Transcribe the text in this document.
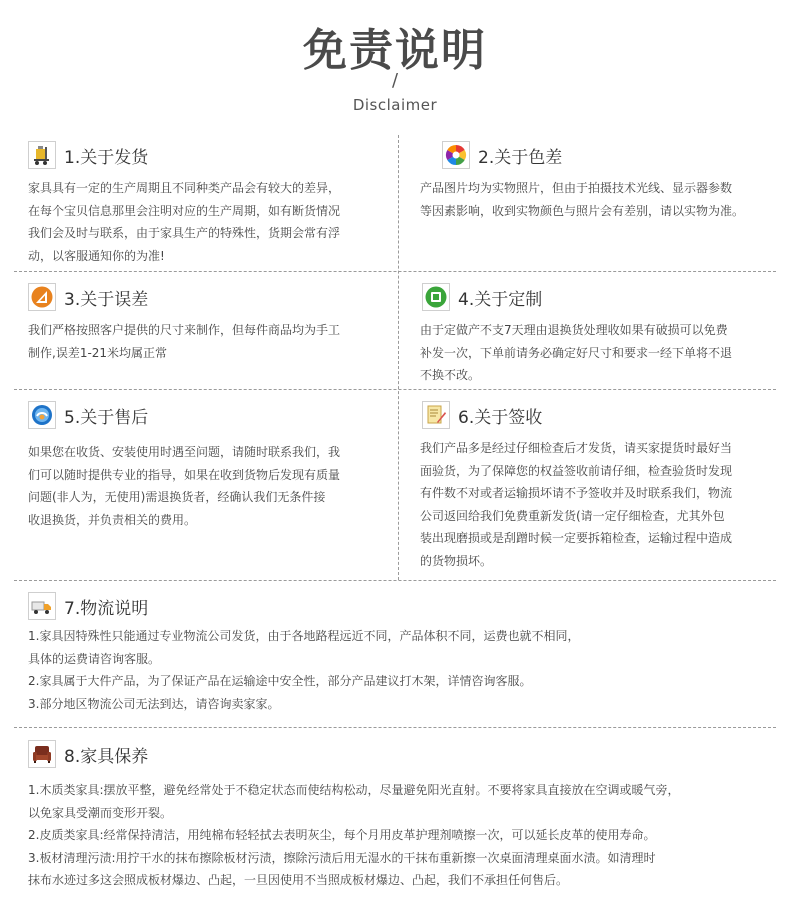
免责说明
/
Disclaimer
1.关于发货

家具具有一定的生产周期且不同种类产品会有较大的差异，

在每个宝贝信息那里会注明对应的生产周期，如有断货情况

我们会及时与联系，由于家具生产的特殊性，货期会常有浮

动，以客服通知你的为准!

2.关于色差

产品图片均为实物照片，但由于拍摄技术光线、显示器参数

等因素影响，收到实物颜色与照片会有差别，请以实物为准。

3.关于误差

我们严格按照客户提供的尺寸来制作，但每件商品均为手工

制作,误差1-21米均属正常

4.关于定制

由于定做产不支7天理由退换货处理收如果有破损可以免费

补发一次，下单前请务必确定好尺寸和要求一经下单将不退

不换不改。

5.关于售后

如果您在收货、安装使用时遇至问题，请随时联系我们，我

们可以随时提供专业的指导，如果在收到货物后发现有质量

问题(非人为，无使用)需退换货者，经确认我们无条件接

收退换货，并负责相关的费用。

6.关于签收

我们产品多是经过仔细检查后才发货，请买家提货时最好当

面验货，为了保障您的权益签收前请仔细，检查验货时发现

有件数不对或者运输损坏请不予签收并及时联系我们，物流

公司返回给我们免费重新发货(请一定仔细检查，尤其外包

装出现磨损或是刮蹭时候一定要拆箱检查，运输过程中造成

的货物损坏。

7.物流说明

1.家具因特殊性只能通过专业物流公司发货，由于各地路程远近不同，产品体积不同，运费也就不相同，

具体的运费请咨询客服。

2.家具属于大件产品，为了保证产品在运输途中安全性，部分产品建议打木架，详情咨询客服。

3.部分地区物流公司无法到达，请咨询卖家家。

8.家具保养

1.木质类家具:摆放平整，避免经常处于不稳定状态而使结构松动，尽量避免阳光直射。不要将家具直接放在空调或暖气旁，

以免家具受潮而变形开裂。

2.皮质类家具:经常保持清洁，用纯棉布轻轻拭去表明灰尘，每个月用皮革护理剂喷擦一次，可以延长皮革的使用寿命。

3.板材清理污渍:用拧干水的抹布擦除板材污渍，擦除污渍后用无湿水的干抹布重新擦一次桌面清理桌面水渍。如清理时

抹布水迹过多这会照成板材爆边、凸起，一旦因使用不当照成板材爆边、凸起，我们不承担任何售后。
